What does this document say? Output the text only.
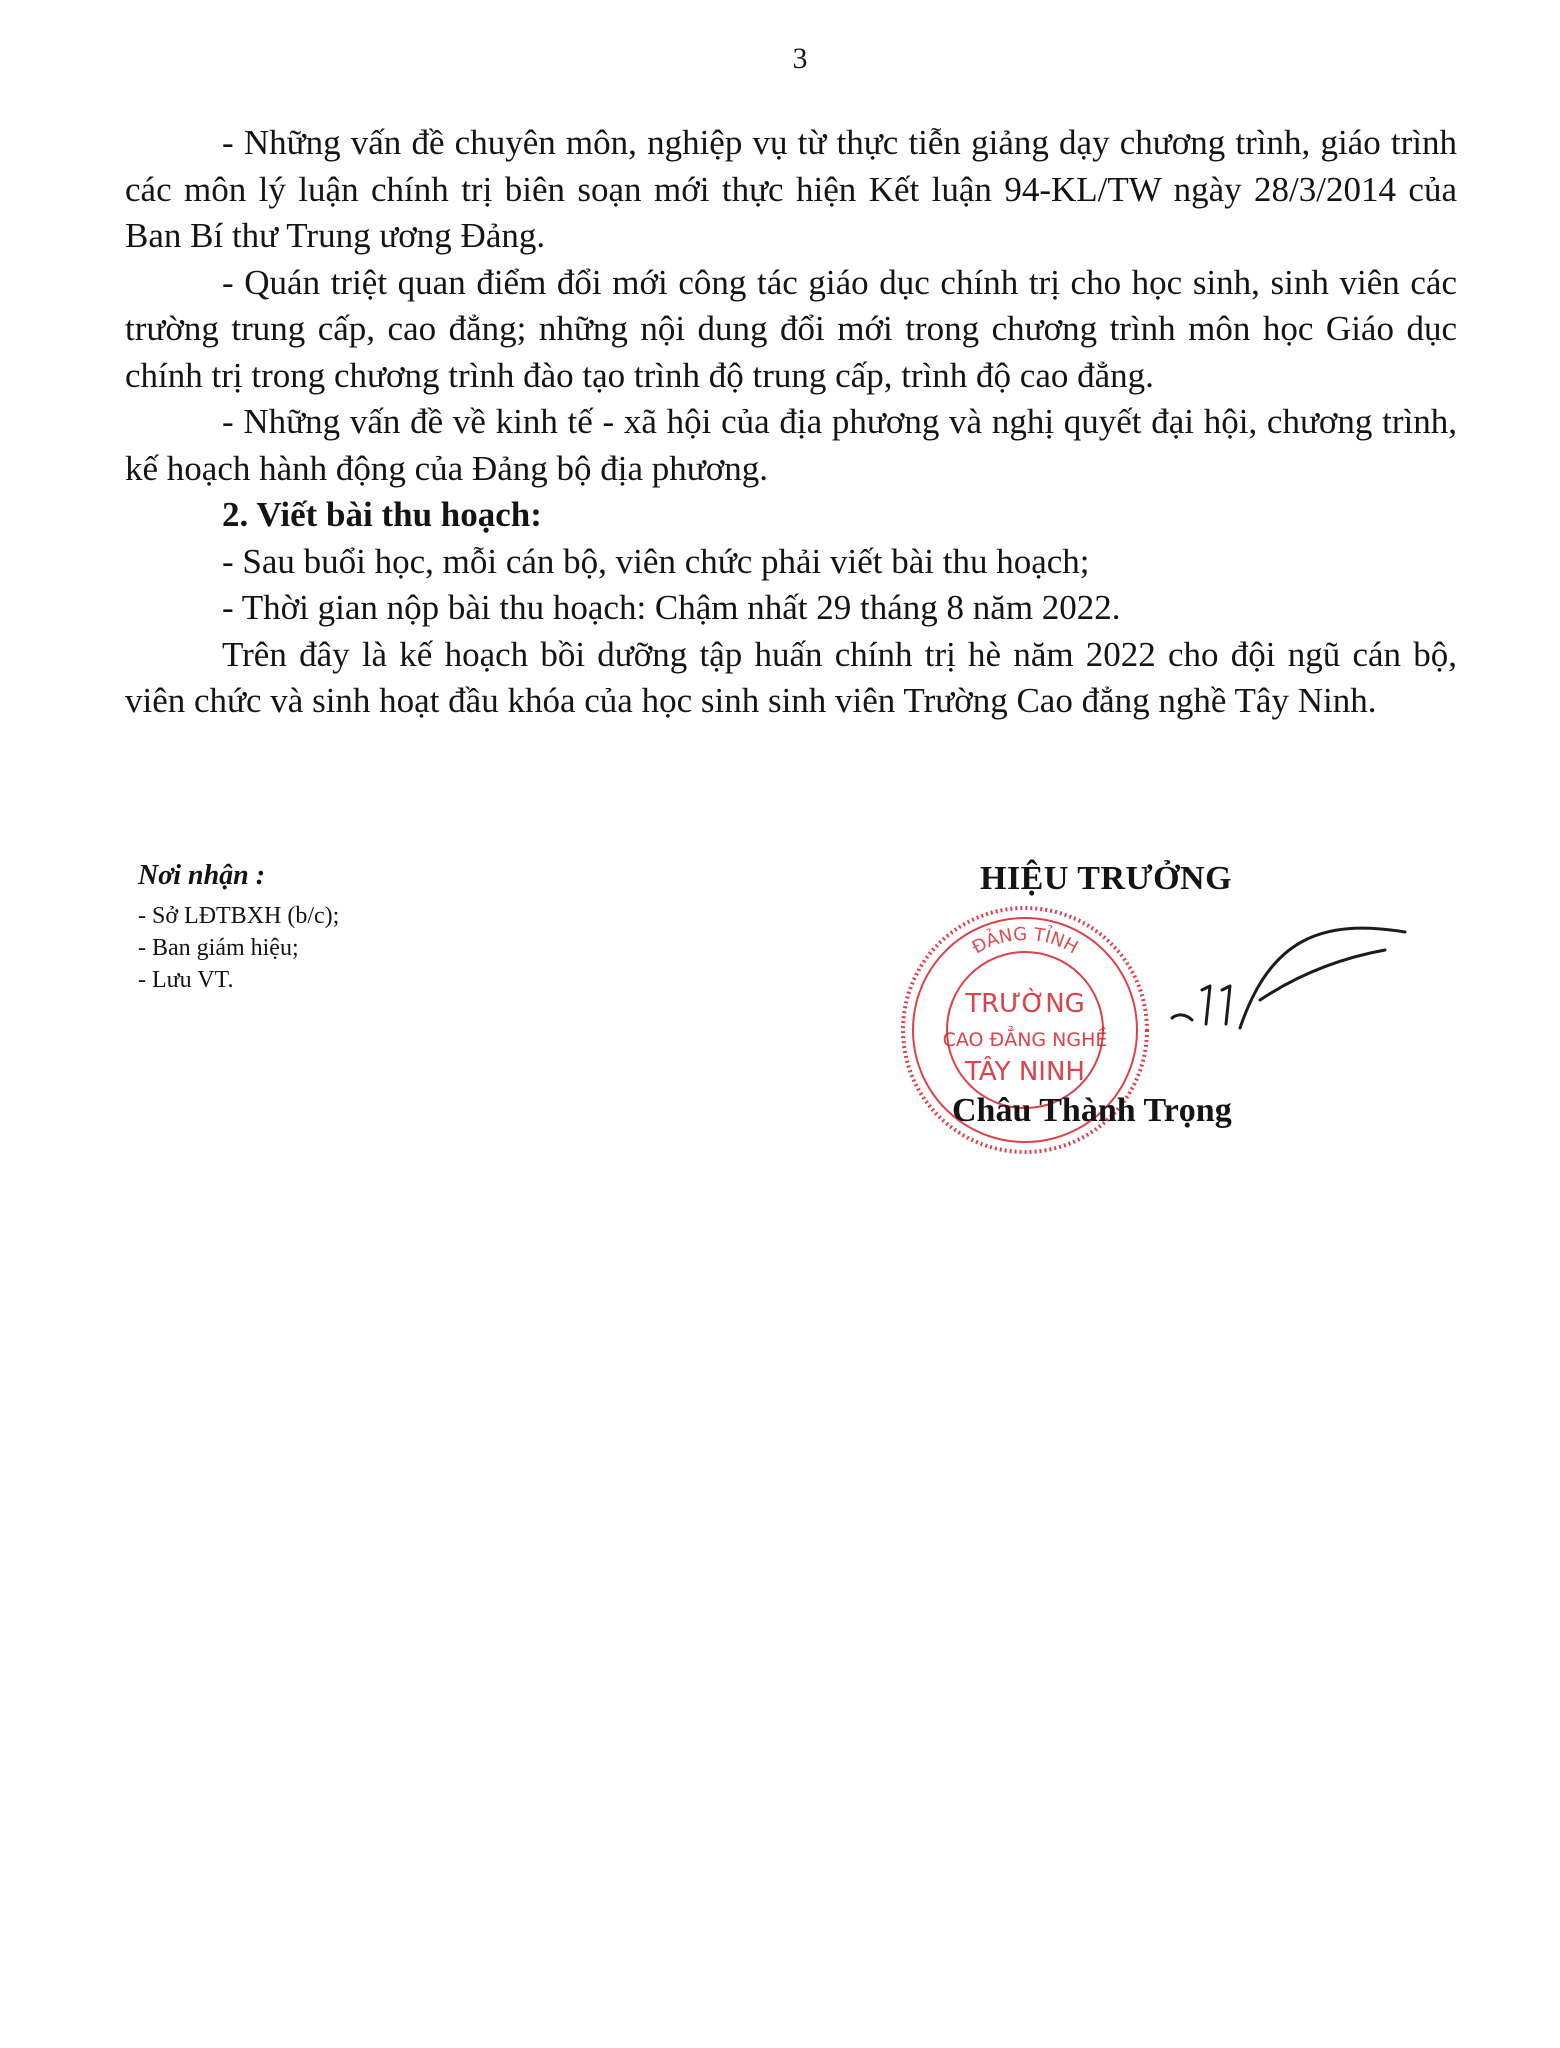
3

- Những vấn đề chuyên môn, nghiệp vụ từ thực tiễn giảng dạy chương trình, giáo trình các môn lý luận chính trị biên soạn mới thực hiện Kết luận 94-KL/TW ngày 28/3/2014 của Ban Bí thư Trung ương Đảng.

- Quán triệt quan điểm đổi mới công tác giáo dục chính trị cho học sinh, sinh viên các trường trung cấp, cao đẳng; những nội dung đổi mới trong chương trình môn học Giáo dục chính trị trong chương trình đào tạo trình độ trung cấp, trình độ cao đẳng.

- Những vấn đề về kinh tế - xã hội của địa phương và nghị quyết đại hội, chương trình, kế hoạch hành động của Đảng bộ địa phương.

2. Viết bài thu hoạch:

- Sau buổi học, mỗi cán bộ, viên chức phải viết bài thu hoạch;

- Thời gian nộp bài thu hoạch: Chậm nhất 29 tháng 8 năm 2022.

Trên đây là kế hoạch bồi dưỡng tập huấn chính trị hè năm 2022 cho đội ngũ cán bộ, viên chức và sinh hoạt đầu khóa của học sinh sinh viên Trường Cao đẳng nghề Tây Ninh.

Nơi nhận :
- Sở LĐTBXH (b/c);
- Ban giám hiệu;
- Lưu VT.
ĐẢNG TỈNH
TRƯỜNG
CAO ĐẲNG NGHỀ
TÂY NINH
HIỆU TRƯỞNG
Châu Thành Trọng
